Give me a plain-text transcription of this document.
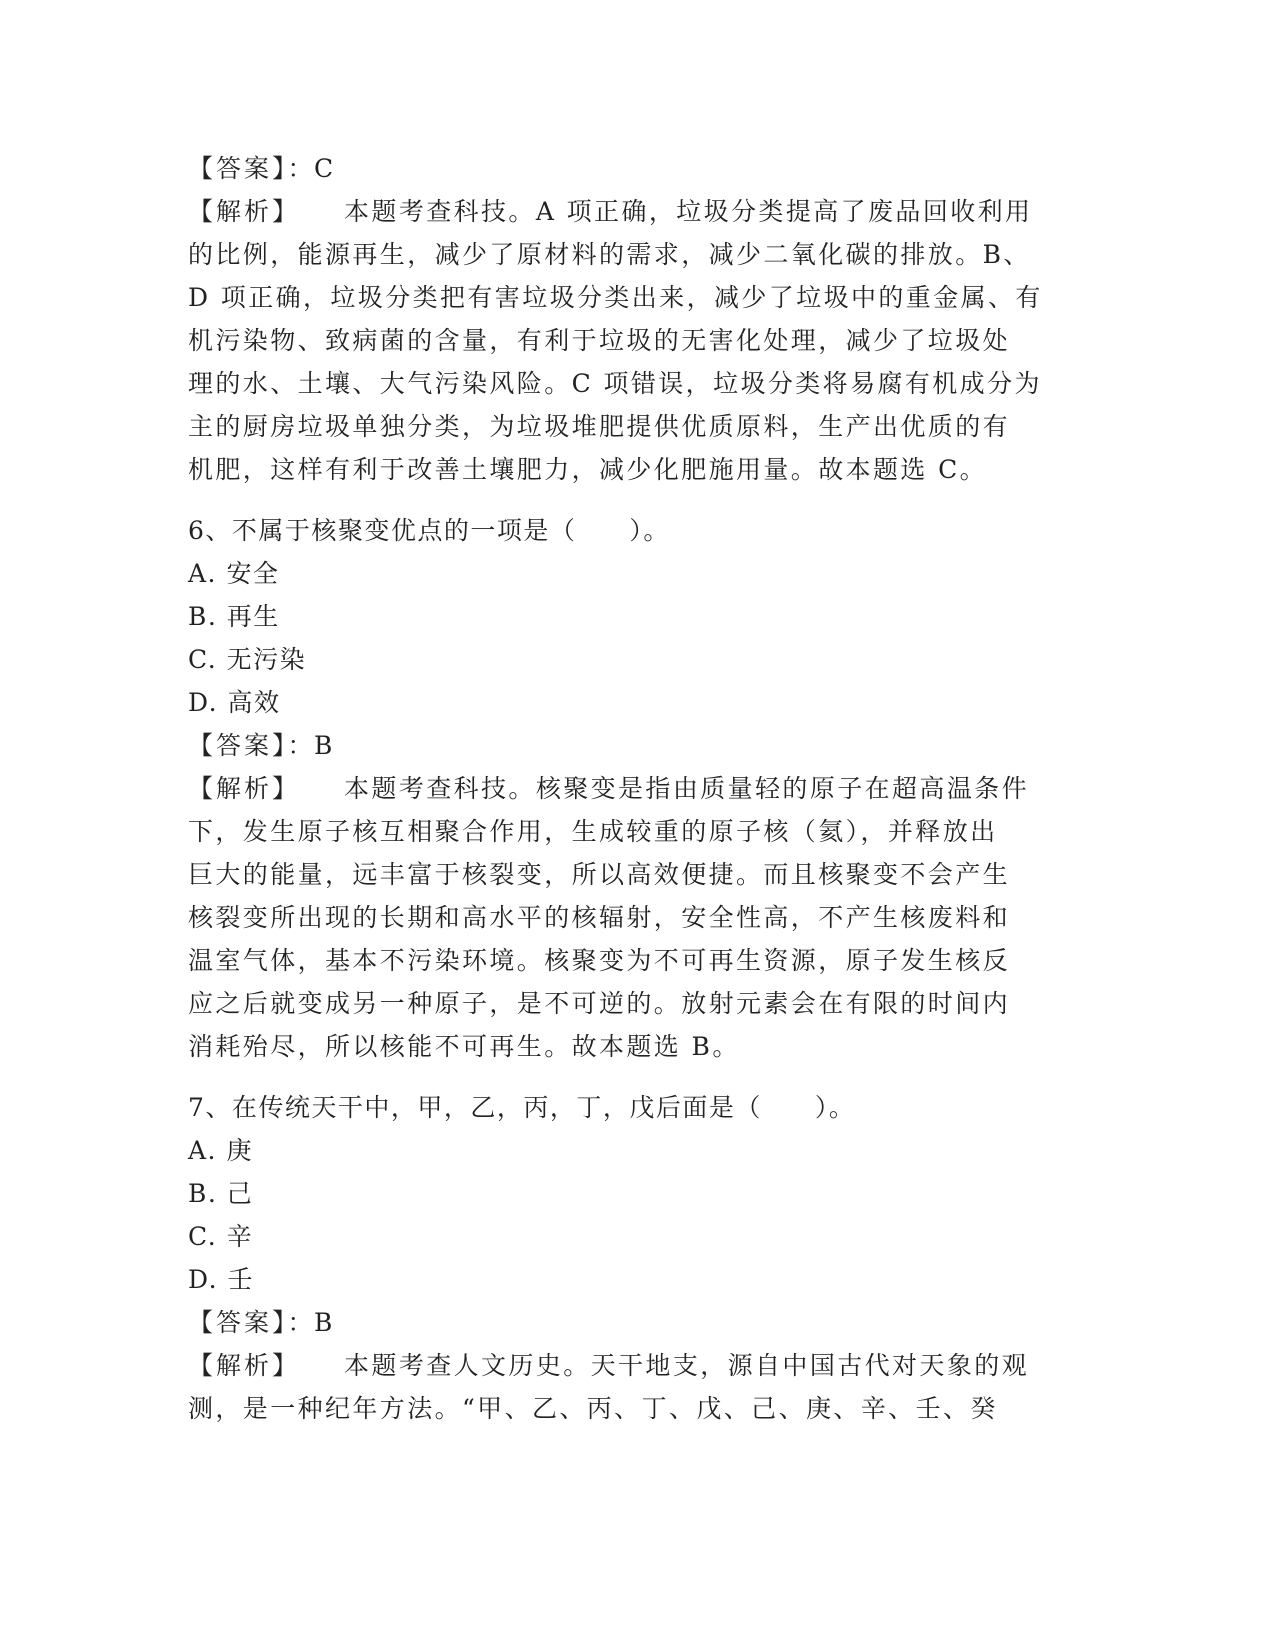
【答案】：C
【解析】 本题考查科技。A 项正确，垃圾分类提高了废品回收利用
的比例，能源再生，减少了原材料的需求，减少二氧化碳的排放。B、
D 项正确，垃圾分类把有害垃圾分类出来，减少了垃圾中的重金属、有
机污染物、致病菌的含量，有利于垃圾的无害化处理，减少了垃圾处
理的水、土壤、大气污染风险。C 项错误，垃圾分类将易腐有机成分为
主的厨房垃圾单独分类，为垃圾堆肥提供优质原料，生产出优质的有
机肥，这样有利于改善土壤肥力，减少化肥施用量。故本题选 C。
6、不属于核聚变优点的一项是（　　）。
A. 安全
B. 再生
C. 无污染
D. 高效
【答案】：B
【解析】 本题考查科技。核聚变是指由质量轻的原子在超高温条件
下，发生原子核互相聚合作用，生成较重的原子核（氦），并释放出
巨大的能量，远丰富于核裂变，所以高效便捷。而且核聚变不会产生
核裂变所出现的长期和高水平的核辐射，安全性高，不产生核废料和
温室气体，基本不污染环境。核聚变为不可再生资源，原子发生核反
应之后就变成另一种原子，是不可逆的。放射元素会在有限的时间内
消耗殆尽，所以核能不可再生。故本题选 B。
7、在传统天干中，甲，乙，丙，丁，戊后面是（　　）。
A. 庚
B. 己
C. 辛
D. 壬
【答案】：B
【解析】 本题考查人文历史。天干地支，源自中国古代对天象的观
测，是一种纪年方法。“甲、乙、丙、丁、戊、己、庚、辛、壬、癸
